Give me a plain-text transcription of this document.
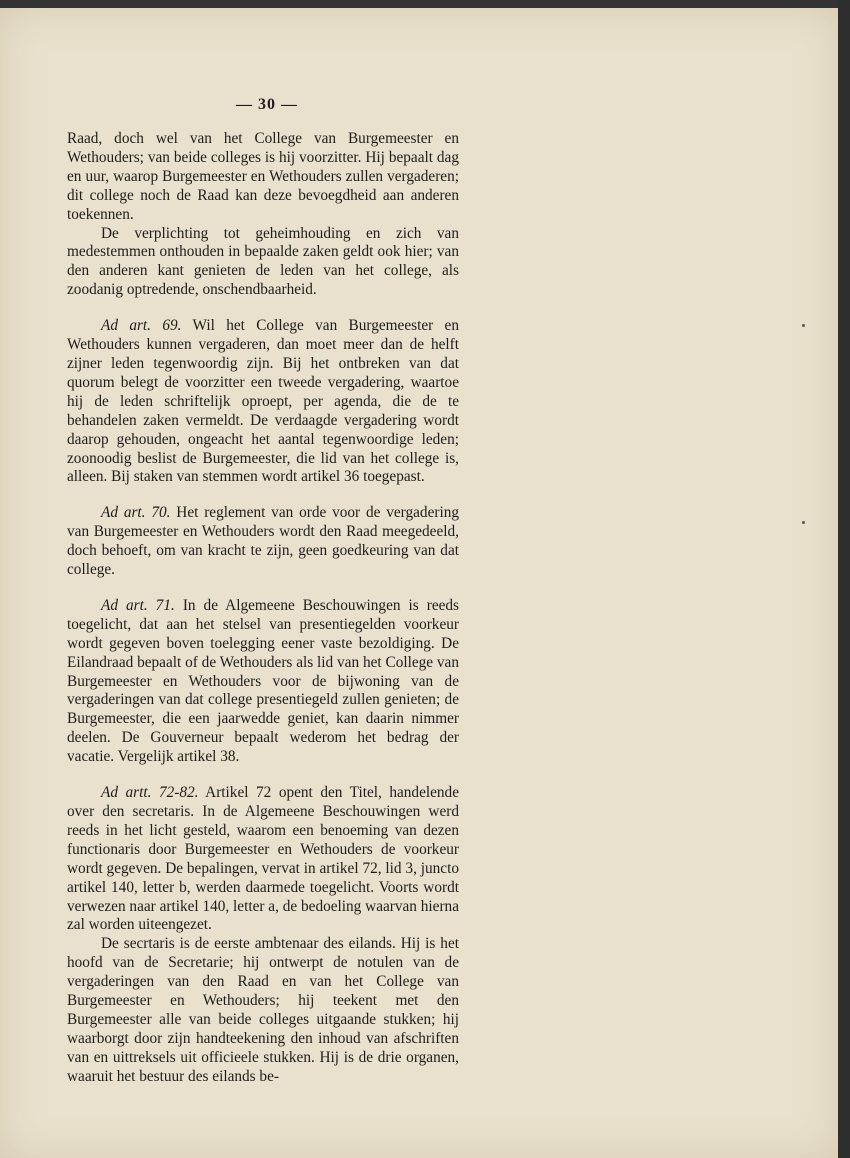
— 30 —

Raad, doch wel van het College van Burgemeester en Wethouders; van beide colleges is hij voorzitter. Hij bepaalt dag en uur, waarop Burgemeester en Wethouders zullen vergaderen; dit college noch de Raad kan deze bevoegdheid aan anderen toekennen.

De verplichting tot geheimhouding en zich van medestemmen onthouden in bepaalde zaken geldt ook hier; van den anderen kant genieten de leden van het college, als zoodanig optredende, onschendbaarheid.

Ad art. 69. Wil het College van Burgemeester en Wethouders kunnen vergaderen, dan moet meer dan de helft zijner leden tegenwoordig zijn. Bij het ontbreken van dat quorum belegt de voorzitter een tweede vergadering, waartoe hij de leden schriftelijk oproept, per agenda, die de te behandelen zaken vermeldt. De verdaagde vergadering wordt daarop gehouden, ongeacht het aantal tegenwoordige leden; zoonoodig beslist de Burgemeester, die lid van het college is, alleen. Bij staken van stemmen wordt artikel 36 toegepast.

Ad art. 70. Het reglement van orde voor de vergadering van Burgemeester en Wethouders wordt den Raad meegedeeld, doch behoeft, om van kracht te zijn, geen goedkeuring van dat college.

Ad art. 71. In de Algemeene Beschouwingen is reeds toegelicht, dat aan het stelsel van presentiegelden voorkeur wordt gegeven boven toelegging eener vaste bezoldiging. De Eilandraad bepaalt of de Wethouders als lid van het College van Burgemeester en Wethouders voor de bijwoning van de vergaderingen van dat college presentiegeld zullen genieten; de Burgemeester, die een jaarwedde geniet, kan daarin nimmer deelen. De Gouverneur bepaalt wederom het bedrag der vacatie. Vergelijk artikel 38.

Ad artt. 72-82. Artikel 72 opent den Titel, handelende over den secretaris. In de Algemeene Beschouwingen werd reeds in het licht gesteld, waarom een benoeming van dezen functionaris door Burgemeester en Wethouders de voorkeur wordt gegeven. De bepalingen, vervat in artikel 72, lid 3, juncto artikel 140, letter b, werden daarmede toegelicht. Voorts wordt verwezen naar artikel 140, letter a, de bedoeling waarvan hierna zal worden uiteengezet.

De secrtaris is de eerste ambtenaar des eilands. Hij is het hoofd van de Secretarie; hij ontwerpt de notulen van de vergaderingen van den Raad en van het College van Burgemeester en Wethouders; hij teekent met den Burgemeester alle van beide colleges uitgaande stukken; hij waarborgt door zijn handteekening den inhoud van afschriften van en uittreksels uit officieele stukken. Hij is de drie organen, waaruit het bestuur des eilands be-
